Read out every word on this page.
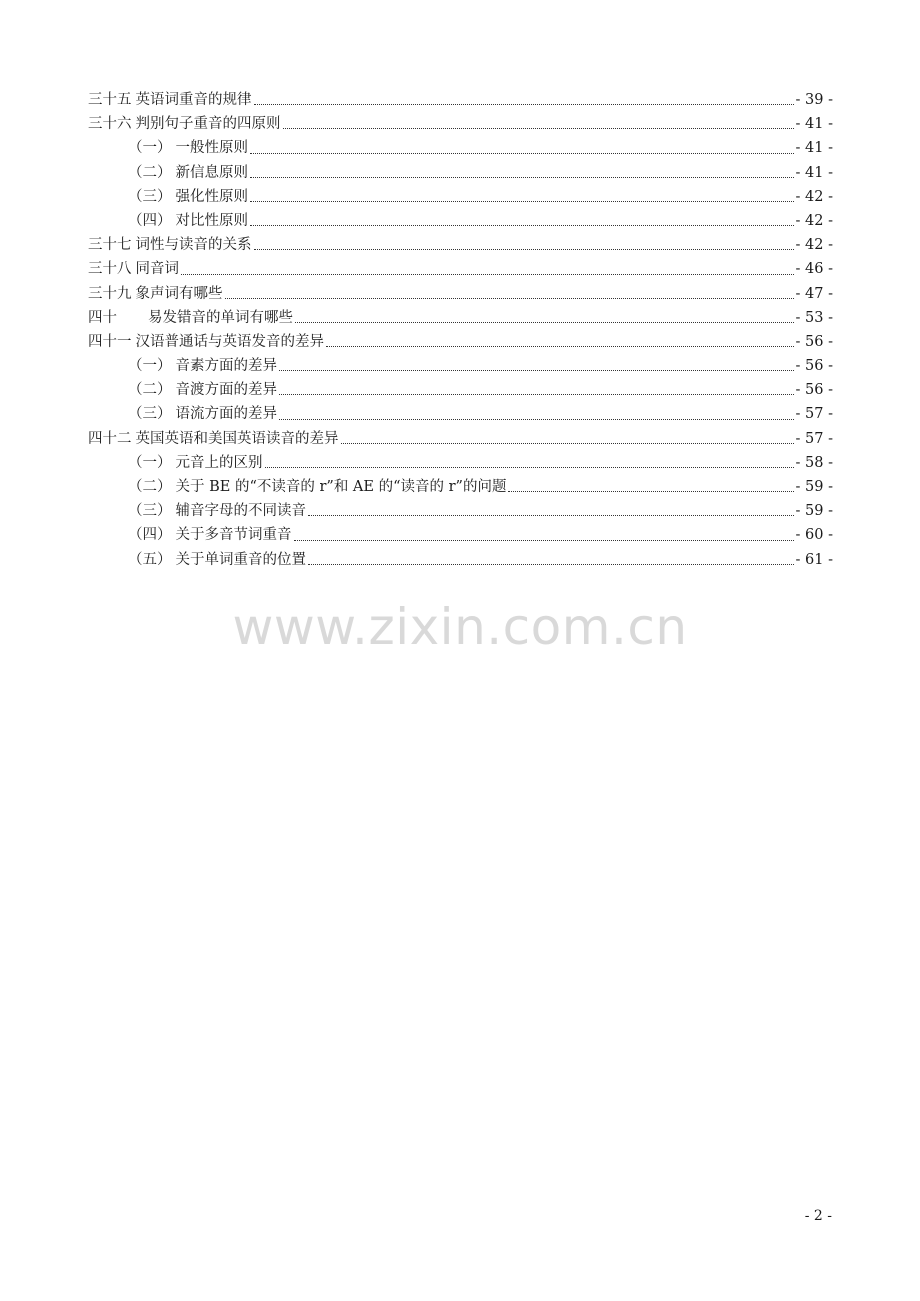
三十五 英语词重音的规律	- 39 -
三十六 判别句子重音的四原则	- 41 -
（一） 一般性原则	- 41 -
（二） 新信息原则	- 41 -
（三） 强化性原则	- 42 -
（四） 对比性原则	- 42 -
三十七 词性与读音的关系	- 42 -
三十八 同音词	- 46 -
三十九 象声词有哪些	- 47 -
四十	易发错音的单词有哪些	- 53 -
四十一 汉语普通话与英语发音的差异	- 56 -
（一） 音素方面的差异	- 56 -
（二） 音渡方面的差异	- 56 -
（三） 语流方面的差异	- 57 -
四十二 英国英语和美国英语读音的差异	- 57 -
（一） 元音上的区别	- 58 -
（二） 关于 BE 的“不读音的 r”和 AE 的“读音的 r”的问题	- 59 -
（三） 辅音字母的不同读音	- 59 -
（四） 关于多音节词重音	- 60 -
（五） 关于单词重音的位置	- 61 -
www.zixin.com.cn
- 2 -
